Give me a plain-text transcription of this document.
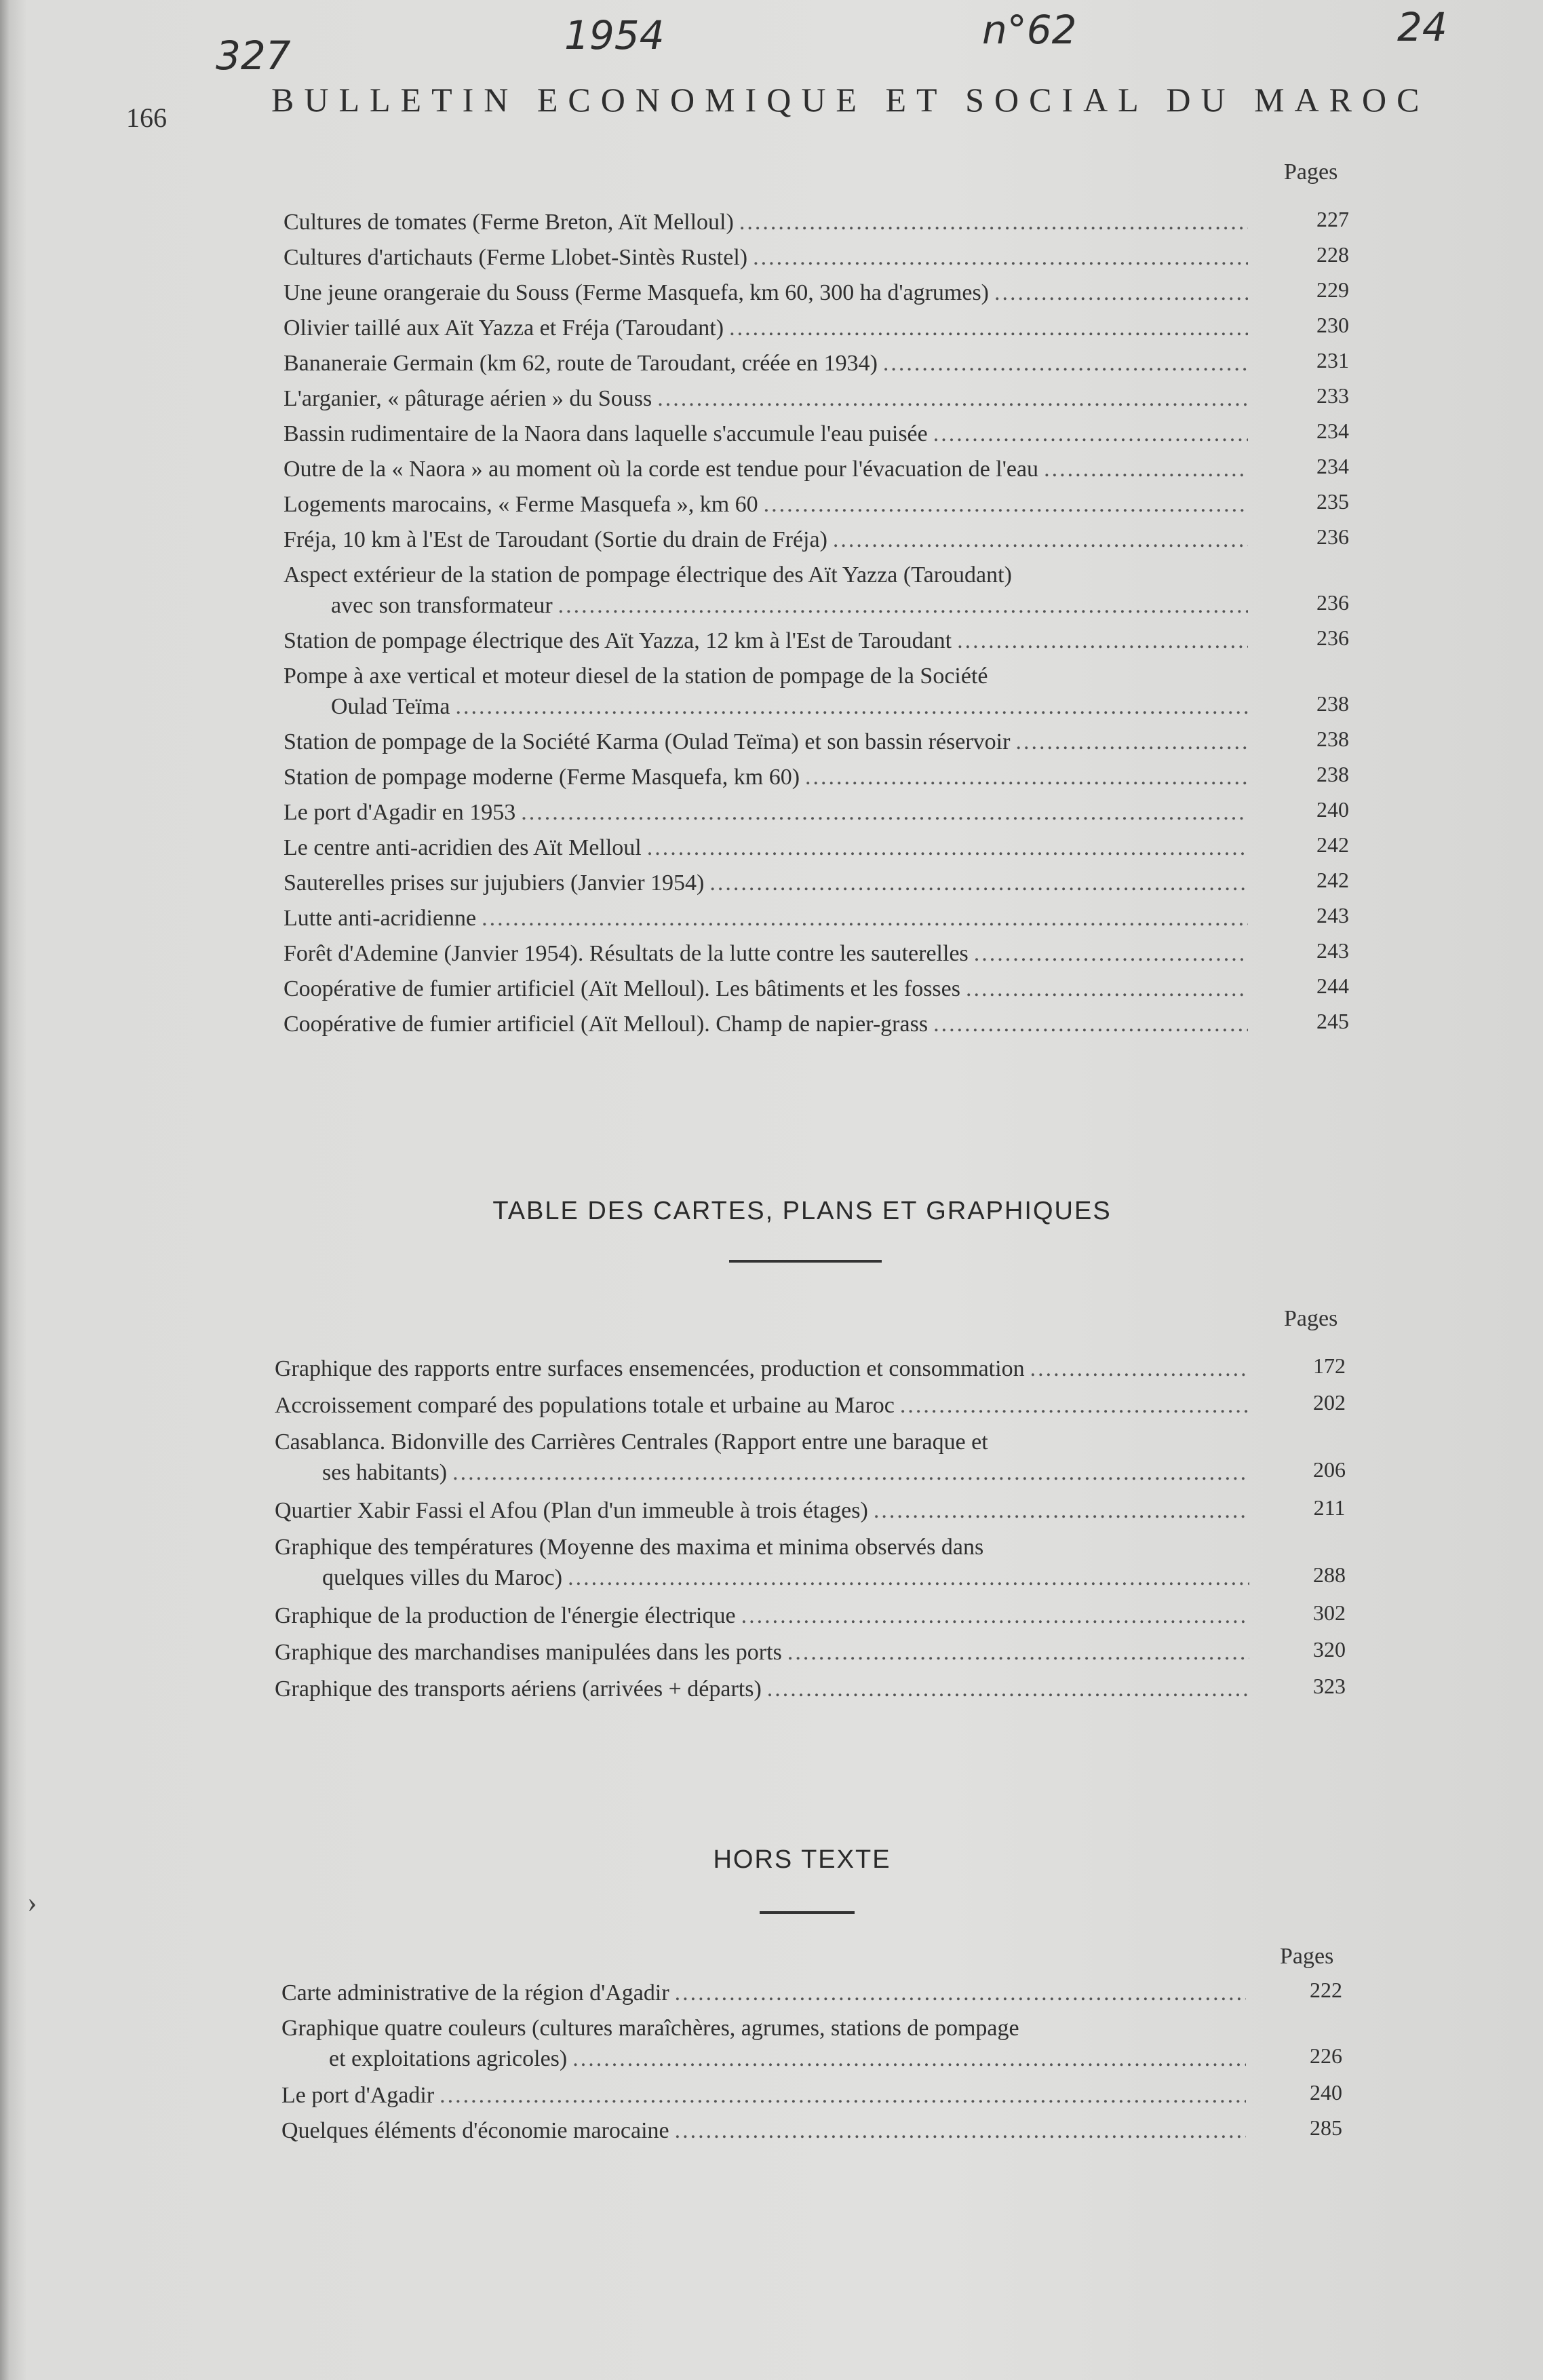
327	1954	n°62	24
166	BULLETIN ECONOMIQUE ET SOCIAL DU MAROC
›
Pages
Cultures de tomates (Ferme Breton, Aït Melloul) .....	227
Cultures d'artichauts (Ferme Llobet-Sintès Rustel) .....	228
Une jeune orangeraie du Souss (Ferme Masquefa, km 60, 300 ha d'agrumes) .....	229
Olivier taillé aux Aït Yazza et Fréja (Taroudant) .....	230
Bananeraie Germain (km 62, route de Taroudant, créée en 1934) .....	231
L'arganier, « pâturage aérien » du Souss .....	233
Bassin rudimentaire de la Naora dans laquelle s'accumule l'eau puisée .....	234
Outre de la « Naora » au moment où la corde est tendue pour l'évacuation de l'eau .....	234
Logements marocains, « Ferme Masquefa », km 60 .....	235
Fréja, 10 km à l'Est de Taroudant (Sortie du drain de Fréja) .....	236
Aspect extérieur de la station de pompage électrique des Aït Yazza (Taroudant)
avec son transformateur .....	236
Station de pompage électrique des Aït Yazza, 12 km à l'Est de Taroudant .....	236
Pompe à axe vertical et moteur diesel de la station de pompage de la Société
Oulad Teïma .....	238
Station de pompage de la Société Karma (Oulad Teïma) et son bassin réservoir .....	238
Station de pompage moderne (Ferme Masquefa, km 60) .....	238
Le port d'Agadir en 1953 .....	240
Le centre anti-acridien des Aït Melloul .....	242
Sauterelles prises sur jujubiers (Janvier 1954) .....	242
Lutte anti-acridienne .....	243
Forêt d'Ademine (Janvier 1954). Résultats de la lutte contre les sauterelles .....	243
Coopérative de fumier artificiel (Aït Melloul). Les bâtiments et les fosses .....	244
Coopérative de fumier artificiel (Aït Melloul). Champ de napier-grass .....	245
TABLE DES CARTES, PLANS ET GRAPHIQUES
Pages
Graphique des rapports entre surfaces ensemencées, production et consommation .....	172
Accroissement comparé des populations totale et urbaine au Maroc .....	202
Casablanca. Bidonville des Carrières Centrales (Rapport entre une baraque et
ses habitants) .....	206
Quartier Xabir Fassi el Afou (Plan d'un immeuble à trois étages) .....	211
Graphique des températures (Moyenne des maxima et minima observés dans
quelques villes du Maroc) .....	288
Graphique de la production de l'énergie électrique .....	302
Graphique des marchandises manipulées dans les ports .....	320
Graphique des transports aériens (arrivées + départs) .....	323
HORS TEXTE
Pages
Carte administrative de la région d'Agadir .....	222
Graphique quatre couleurs (cultures maraîchères, agrumes, stations de pompage
et exploitations agricoles) .....	226
Le port d'Agadir .....	240
Quelques éléments d'économie marocaine .....	285
